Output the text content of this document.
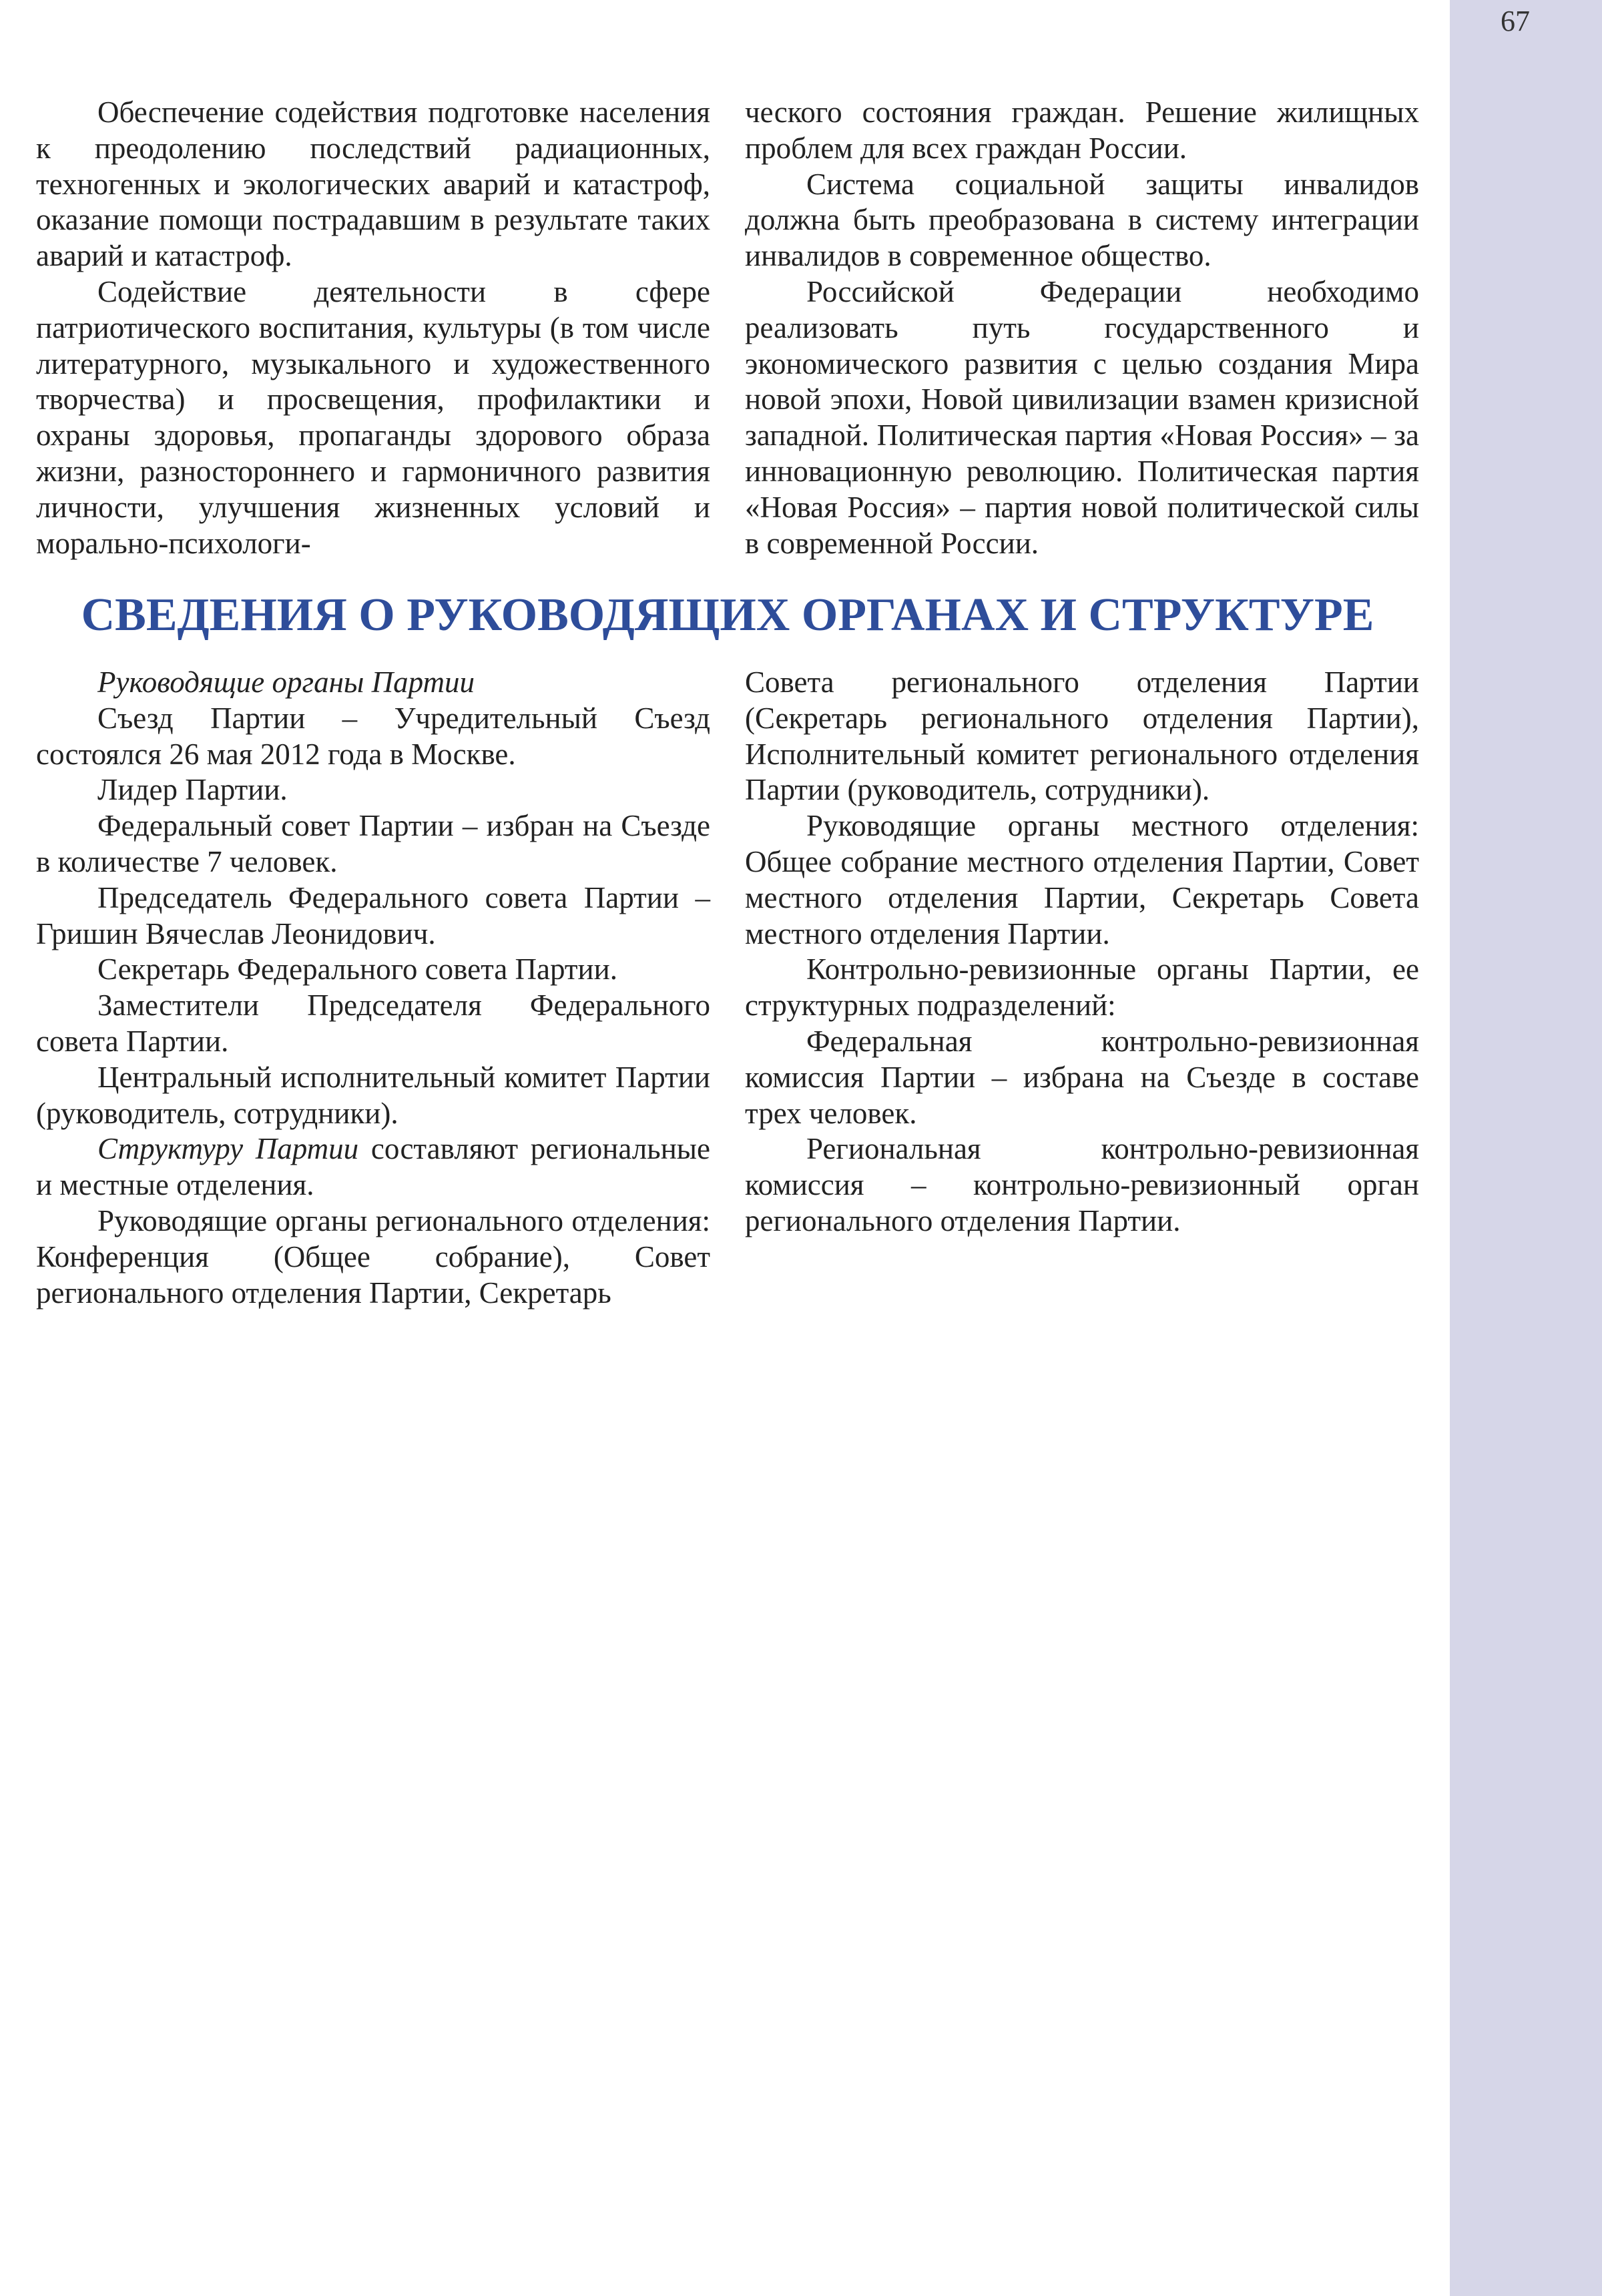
67

Обеспечение содействия подготовке населения к преодолению последствий радиационных, техногенных и экологических аварий и катастроф, оказание помощи пострадавшим в результате таких аварий и катастроф.

Содействие деятельности в сфере патриотического воспитания, культуры (в том числе литературного, музыкального и художественного творчества) и просвещения, профилактики и охраны здоровья, пропаганды здорового образа жизни, разностороннего и гармоничного развития личности, улучшения жизненных условий и морально-психологи-

ческого состояния граждан. Решение жилищных проблем для всех граждан России.

Система социальной защиты инвалидов должна быть преобразована в систему интеграции инвалидов в современное общество.

Российской Федерации необходимо реализовать путь государственного и экономического развития с целью создания Мира новой эпохи, Новой цивилизации взамен кризисной западной. Политическая партия «Новая Россия» – за инновационную революцию. Политическая партия «Новая Россия» – партия новой политической силы в современной России.

СВЕДЕНИЯ О РУКОВОДЯЩИХ ОРГАНАХ И СТРУКТУРЕ

Руководящие органы Партии

Съезд Партии – Учредительный Съезд состоялся 26 мая 2012 года в Москве.

Лидер Партии.

Федеральный совет Партии – избран на Съезде в количестве 7 человек.

Председатель Федерального совета Партии – Гришин Вячеслав Леонидович.

Секретарь Федерального совета Партии.

Заместители Председателя Федерального совета Партии.

Центральный исполнительный комитет Партии (руководитель, сотрудники).

Структуру Партии составляют региональные и местные отделения.

Руководящие органы регионального отделения: Конференция (Общее собрание), Совет регионального отделения Партии, Секретарь

Совета регионального отделения Партии (Секретарь регионального отделения Партии), Исполнительный комитет регионального отделения Партии (руководитель, сотрудники).

Руководящие органы местного отделения: Общее собрание местного отделения Партии, Совет местного отделения Партии, Секретарь Совета местного отделения Партии.

Контрольно-ревизионные органы Партии, ее структурных подразделений:

Федеральная контрольно-ревизионная комиссия Партии – избрана на Съезде в составе трех человек.

Региональная контрольно-ревизионная комиссия – контрольно-ревизионный орган регионального отделения Партии.
